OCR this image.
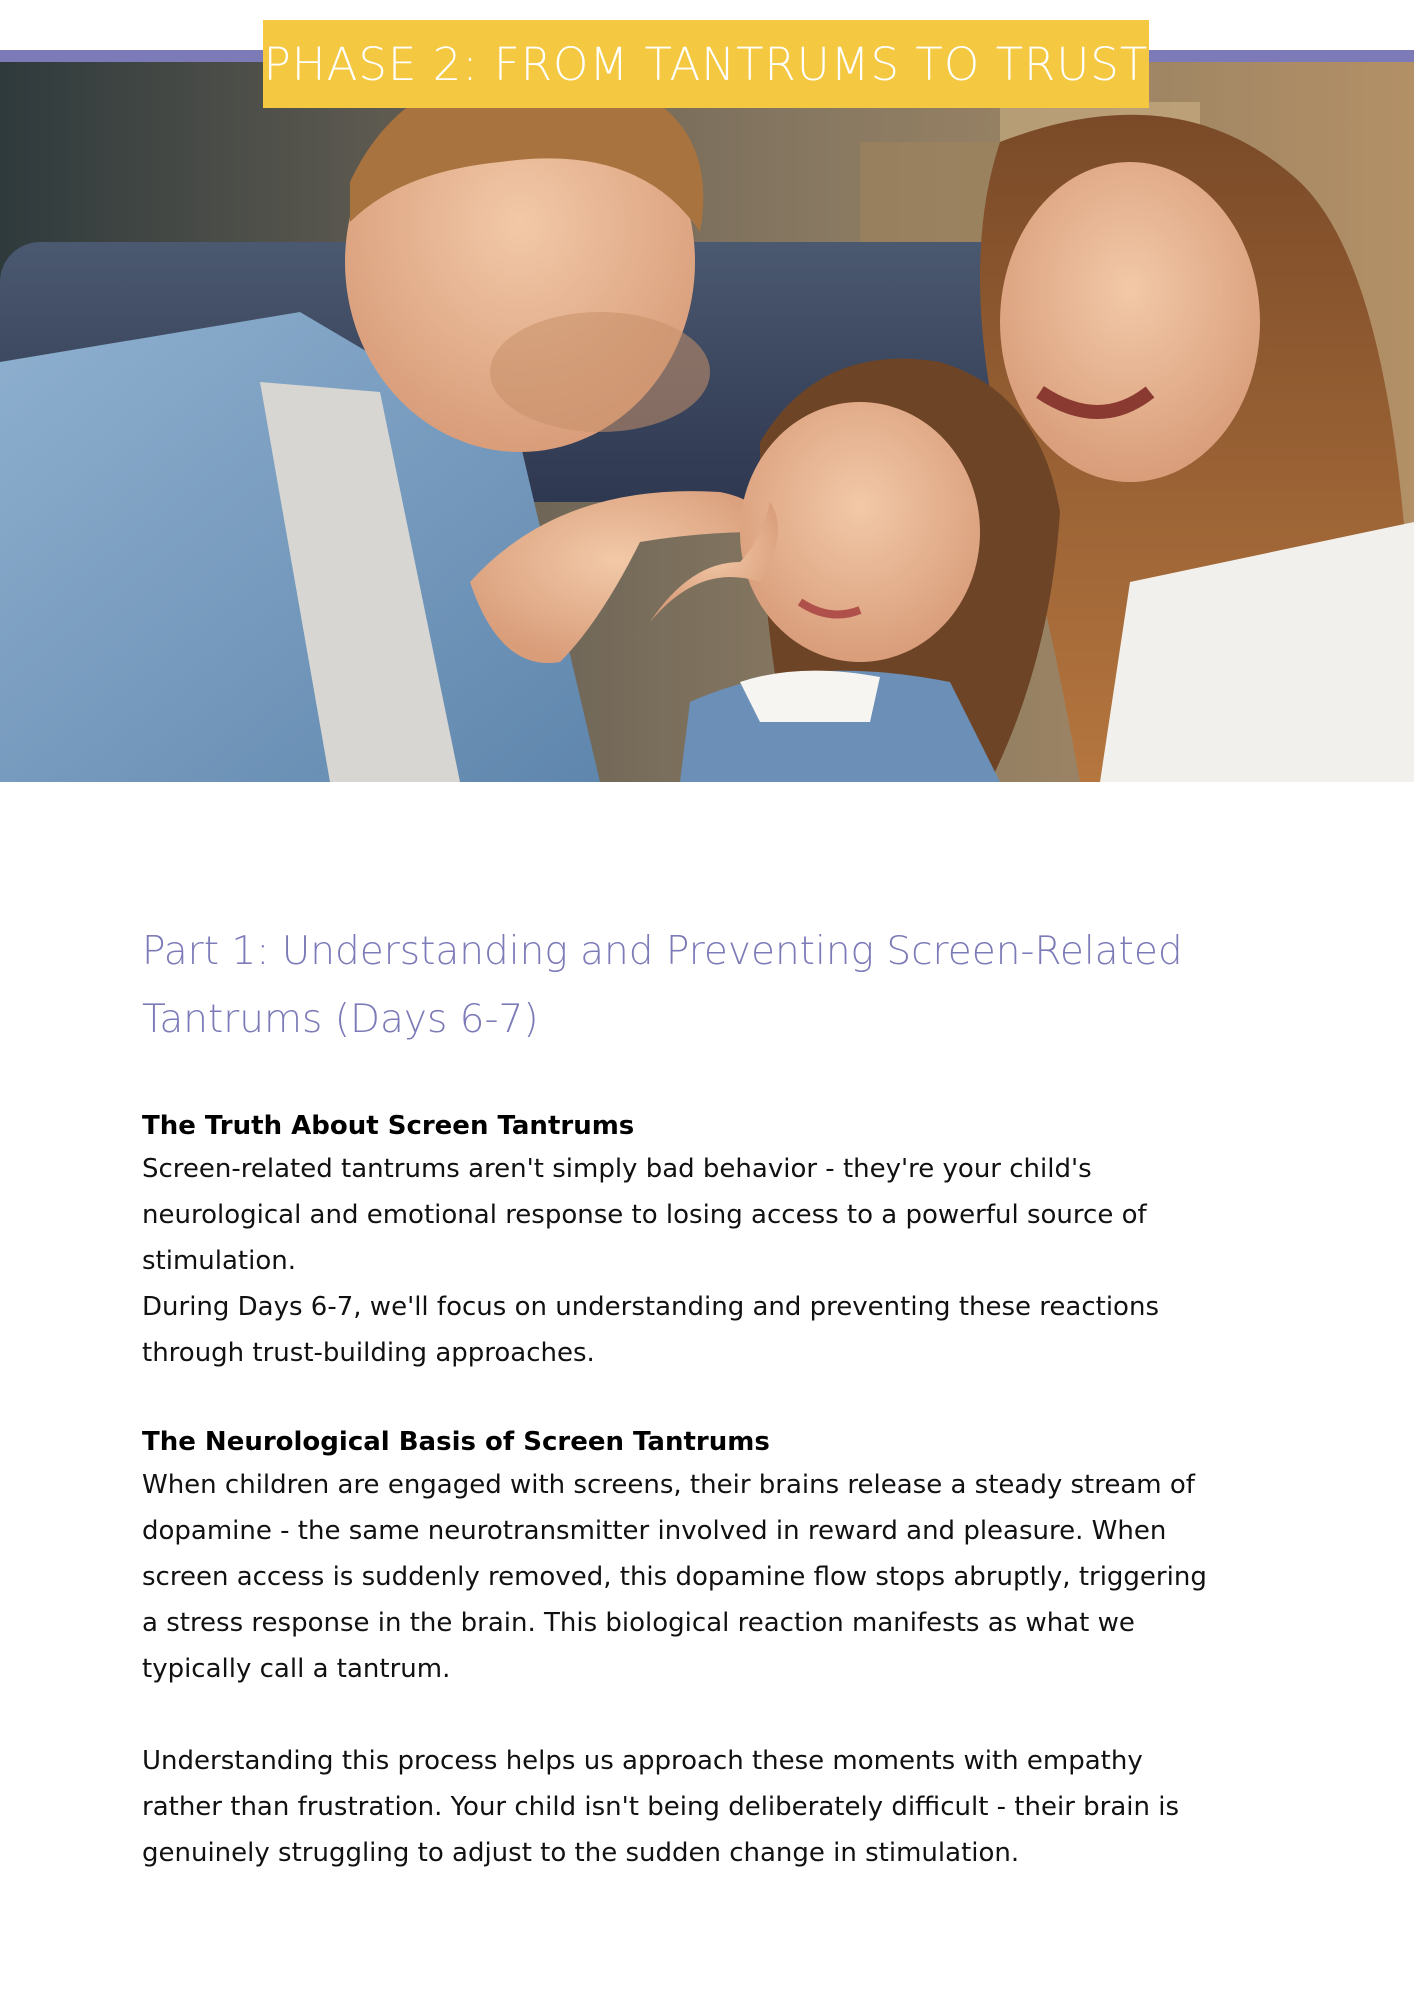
PHASE 2: FROM TANTRUMS TO TRUST
Part 1: Understanding and Preventing Screen-Related Tantrums (Days 6-7)
The Truth About Screen Tantrums

Screen-related tantrums aren't simply bad behavior - they're your child's neurological and emotional response to losing access to a powerful source of stimulation.

During Days 6-7, we'll focus on understanding and preventing these reactions through trust-building approaches.

The Neurological Basis of Screen Tantrums

When children are engaged with screens, their brains release a steady stream of dopamine - the same neurotransmitter involved in reward and pleasure. When screen access is suddenly removed, this dopamine flow stops abruptly, triggering a stress response in the brain. This biological reaction manifests as what we typically call a tantrum.

Understanding this process helps us approach these moments with empathy rather than frustration. Your child isn't being deliberately difficult - their brain is genuinely struggling to adjust to the sudden change in stimulation.
